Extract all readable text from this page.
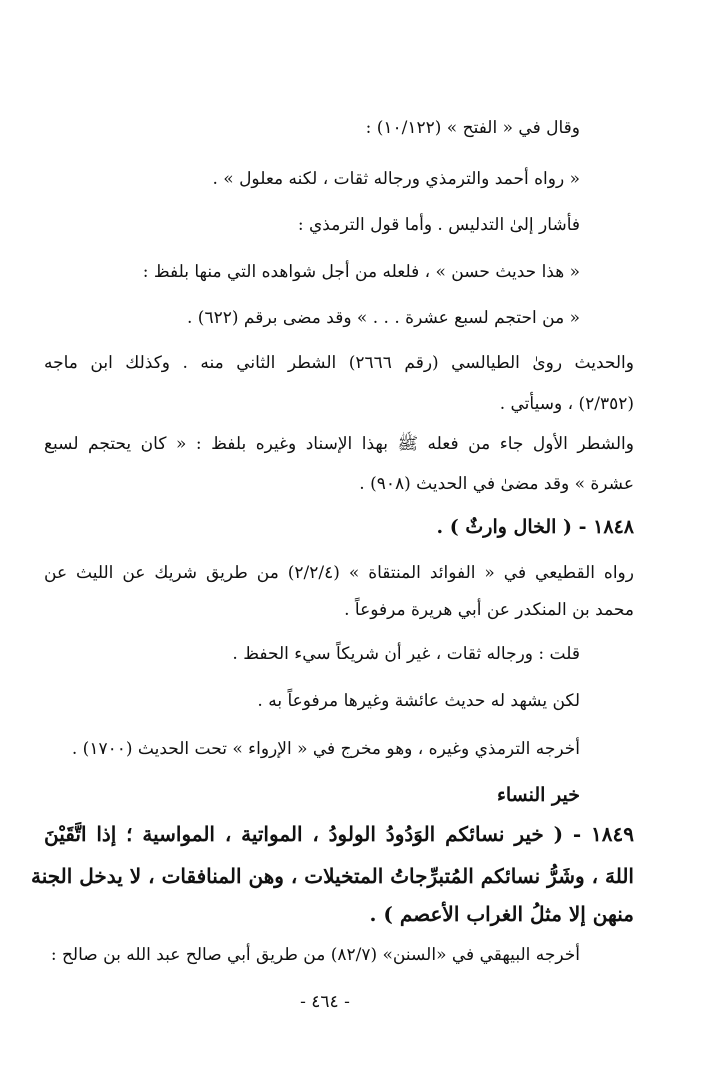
وقال في « الفتح » (١٠/١٢٢) :
« رواه أحمد والترمذي ورجاله ثقات ، لكنه معلول » .
فأشار إلىٰ التدليس . وأما قول الترمذي :
« هذا حديث حسن » ، فلعله من أجل شواهده التي منها بلفظ :
« من احتجم لسبع عشرة . . . » وقد مضى برقم (٦٢٢) .
والحديث روىٰ الطيالسي (رقم ٢٦٦٦) الشطر الثاني منه . وكذلك ابن ماجه
(٢/٣٥٢) ، وسيأتي .
والشطر الأول جاء من فعله ﷺ بهذا الإسناد وغيره بلفظ : « كان يحتجم لسبع
عشرة » وقد مضىٰ في الحديث (٩٠٨) .
١٨٤٨ - ( الخال وارثٌ ) .
رواه القطيعي في « الفوائد المنتقاة » (٢/٢/٤) من طريق شريك عن الليث عن
محمد بن المنكدر عن أبي هريرة مرفوعاً .
قلت : ورجاله ثقات ، غير أن شريكاً سيء الحفظ .
لكن يشهد له حديث عائشة وغيرها مرفوعاً به .
أخرجه الترمذي وغيره ، وهو مخرج في « الإرواء » تحت الحديث (١٧٠٠) .
خير النساء
١٨٤٩ - ( خير نسائكم الوَدُودُ الولودُ ، المواتية ، المواسية ؛ إذا اتَّقَيْنَ
اللهَ ، وشَرُّ نسائكم المُتبرِّجاتُ المتخيلات ، وهن المنافقات ، لا يدخل الجنة
منهن إلا مثلُ الغراب الأعصم ) .
أخرجه البيهقي في «السنن» (٨٢/٧) من طريق أبي صالح عبد الله بن صالح :
- ٤٦٤ -
